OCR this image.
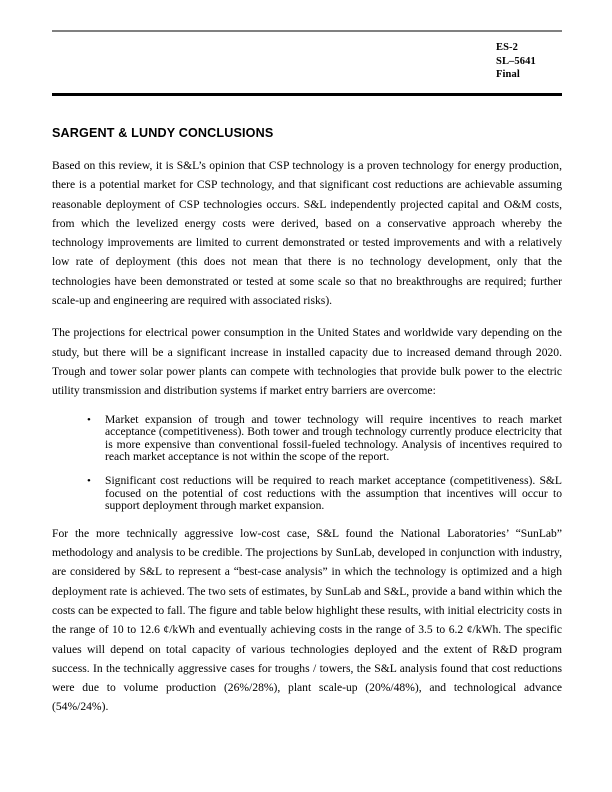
ES-2
SL–5641
Final
SARGENT & LUNDY CONCLUSIONS

Based on this review, it is S&L’s opinion that CSP technology is a proven technology for energy production, there is a potential market for CSP technology, and that significant cost reductions are achievable assuming reasonable deployment of CSP technologies occurs. S&L independently projected capital and O&M costs, from which the levelized energy costs were derived, based on a conservative approach whereby the technology improvements are limited to current demonstrated or tested improvements and with a relatively low rate of deployment (this does not mean that there is no technology development, only that the technologies have been demonstrated or tested at some scale so that no breakthroughs are required; further scale-up and engineering are required with associated risks).

The projections for electrical power consumption in the United States and worldwide vary depending on the study, but there will be a significant increase in installed capacity due to increased demand through 2020. Trough and tower solar power plants can compete with technologies that provide bulk power to the electric utility transmission and distribution systems if market entry barriers are overcome:

• Market expansion of trough and tower technology will require incentives to reach market acceptance (competitiveness). Both tower and trough technology currently produce electricity that is more expensive than conventional fossil-fueled technology. Analysis of incentives required to reach market acceptance is not within the scope of the report.
• Significant cost reductions will be required to reach market acceptance (competitiveness). S&L focused on the potential of cost reductions with the assumption that incentives will occur to support deployment through market expansion.

For the more technically aggressive low-cost case, S&L found the National Laboratories’ “SunLab” methodology and analysis to be credible. The projections by SunLab, developed in conjunction with industry, are considered by S&L to represent a “best-case analysis” in which the technology is optimized and a high deployment rate is achieved. The two sets of estimates, by SunLab and S&L, provide a band within which the costs can be expected to fall. The figure and table below highlight these results, with initial electricity costs in the range of 10 to 12.6 ¢/kWh and eventually achieving costs in the range of 3.5 to 6.2 ¢/kWh. The specific values will depend on total capacity of various technologies deployed and the extent of R&D program success. In the technically aggressive cases for troughs / towers, the S&L analysis found that cost reductions were due to volume production (26%/28%), plant scale-up (20%/48%), and technological advance (54%/24%).
